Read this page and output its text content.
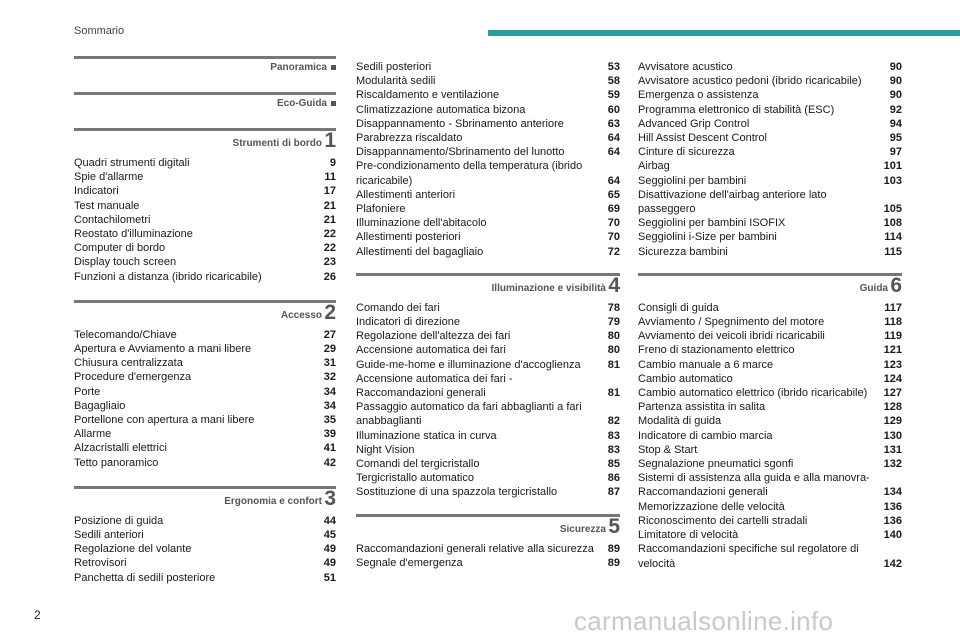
Sommario
Panoramica
Eco-Guida
Strumenti di bordo 1
Quadri strumenti digitali	9
Spie d'allarme	11
Indicatori	17
Test manuale	21
Contachilometri	21
Reostato d'illuminazione	22
Computer di bordo	22
Display touch screen	23
Funzioni a distanza (ibrido ricaricabile)	26
Accesso 2
Telecomando/Chiave	27
Apertura e Avviamento a mani libere	29
Chiusura centralizzata	31
Procedure d'emergenza	32
Porte	34
Bagagliaio	34
Portellone con apertura a mani libere	35
Allarme	39
Alzacristalli elettrici	41
Tetto panoramico	42
Ergonomia e confort 3
Posizione di guida	44
Sedili anteriori	45
Regolazione del volante	49
Retrovisori	49
Panchetta di sedili posteriore	51
Sedili posteriori	53
Modularità sedili	58
Riscaldamento e ventilazione	59
Climatizzazione automatica bizona	60
Disappannamento - Sbrinamento anteriore	63
Parabrezza riscaldato	64
Disappannamento/Sbrinamento del lunotto	64
Pre-condizionamento della temperatura (ibrido ricaricabile)	64
Allestimenti anteriori	65
Plafoniere	69
Illuminazione dell'abitacolo	70
Allestimenti posteriori	70
Allestimenti del bagagliaio	72
Illuminazione e visibilità 4
Comando dei fari	78
Indicatori di direzione	79
Regolazione dell'altezza dei fari	80
Accensione automatica dei fari	80
Guide-me-home e illuminazione d'accoglienza	81
Accensione automatica dei fari - Raccomandazioni generali	81
Passaggio automatico da fari abbaglianti a fari anabbaglianti	82
Illuminazione statica in curva	83
Night Vision	83
Comandi del tergicristallo	85
Tergicristallo automatico	86
Sostituzione di una spazzola tergicristallo	87
Sicurezza 5
Raccomandazioni generali relative alla sicurezza	89
Segnale d'emergenza	89
Avvisatore acustico	90
Avvisatore acustico pedoni (ibrido ricaricabile)	90
Emergenza o assistenza	90
Programma elettronico di stabilità (ESC)	92
Advanced Grip Control	94
Hill Assist Descent Control	95
Cinture di sicurezza	97
Airbag	101
Seggiolini per bambini	103
Disattivazione dell'airbag anteriore lato passeggero	105
Seggiolini per bambini ISOFIX	108
Seggiolini i-Size per bambini	114
Sicurezza bambini	115
Guida 6
Consigli di guida	117
Avviamento / Spegnimento del motore	118
Avviamento dei veicoli ibridi ricaricabili	119
Freno di stazionamento elettrico	121
Cambio manuale a 6 marce	123
Cambio automatico	124
Cambio automatico elettrico (ibrido ricaricabile)	127
Partenza assistita in salita	128
Modalità di guida	129
Indicatore di cambio marcia	130
Stop & Start	131
Segnalazione pneumatici sgonfi	132
Sistemi di assistenza alla guida e alla manovra- Raccomandazioni generali	134
Memorizzazione delle velocità	136
Riconoscimento dei cartelli stradali	136
Limitatore di velocità	140
Raccomandazioni specifiche sul regolatore di velocità	142
2	carmanualsonline.info
